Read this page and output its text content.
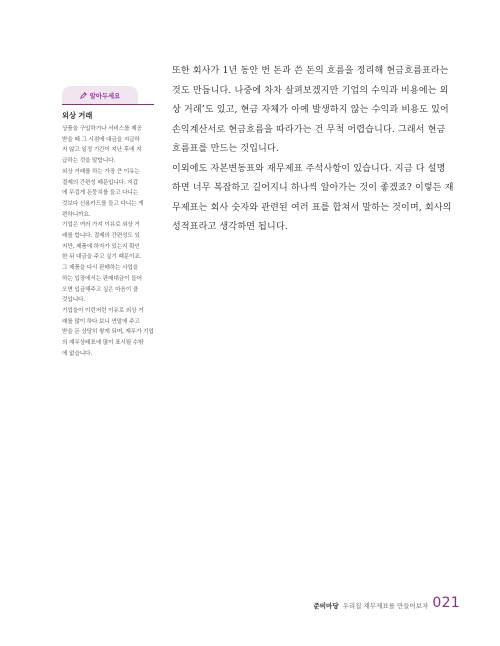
알아두세요

외상 거래

상품을 구입하거나 서비스를 제공
받을 때 그 시점에 대금을 지급하
지 않고 일정 기간이 지난 후에 지
급하는 것을 말합니다.

외상 거래를 하는 가장 큰 이유는
결제의 간편성 때문입니다. 지갑
에 무겁게 돈뭉치를 들고 다니는
것보다 신용카드를 들고 다니는 게
편하니까요.

기업은 여러 가지 이유로 외상 거
래를 합니다. 결제의 간편성도 있
지만, 제품에 하자가 있는지 확인
한 뒤 대금을 주고 싶기 때문이죠.
그 제품을 다시 판매하는 사업을
하는 입장에서는 판매대금이 들어
오면 입금해주고 싶은 마음이 클
것입니다.

기업들이 이런저런 이유로 외상 거
래를 많이 하다 보니 연말에 주고
받을 돈 상당히 쌓게 되며, 재무가 기업
의 재무상태표에 많이 표시될 수밖
에 없습니다.

또한 회사가 1년 동안 번 돈과 쓴 돈의 흐름을 정리해 현금흐름표라는
것도 만듭니다. 나중에 차차 살펴보겠지만 기업의 수익과 비용에는 외
상 거래’도 있고, 현금 자체가 아예 발생하지 않는 수익과 비용도 있어
손익계산서로 현금흐름을 따라가는 건 무척 어렵습니다. 그래서 현금
흐름표를 만드는 것입니다.

이외에도 자본변동표와 재무제표 주석사항이 있습니다. 지금 다 설명
하면 너무 복잡하고 길어지니 하나씩 알아가는 것이 좋겠죠? 이렇든 재
무제표는 회사 숫자와 관련된 여러 표를 합쳐서 말하는 것이며, 회사의
성적표라고 생각하면 됩니다.

준비마당 우리집 재무제표를 만들어보자 021
